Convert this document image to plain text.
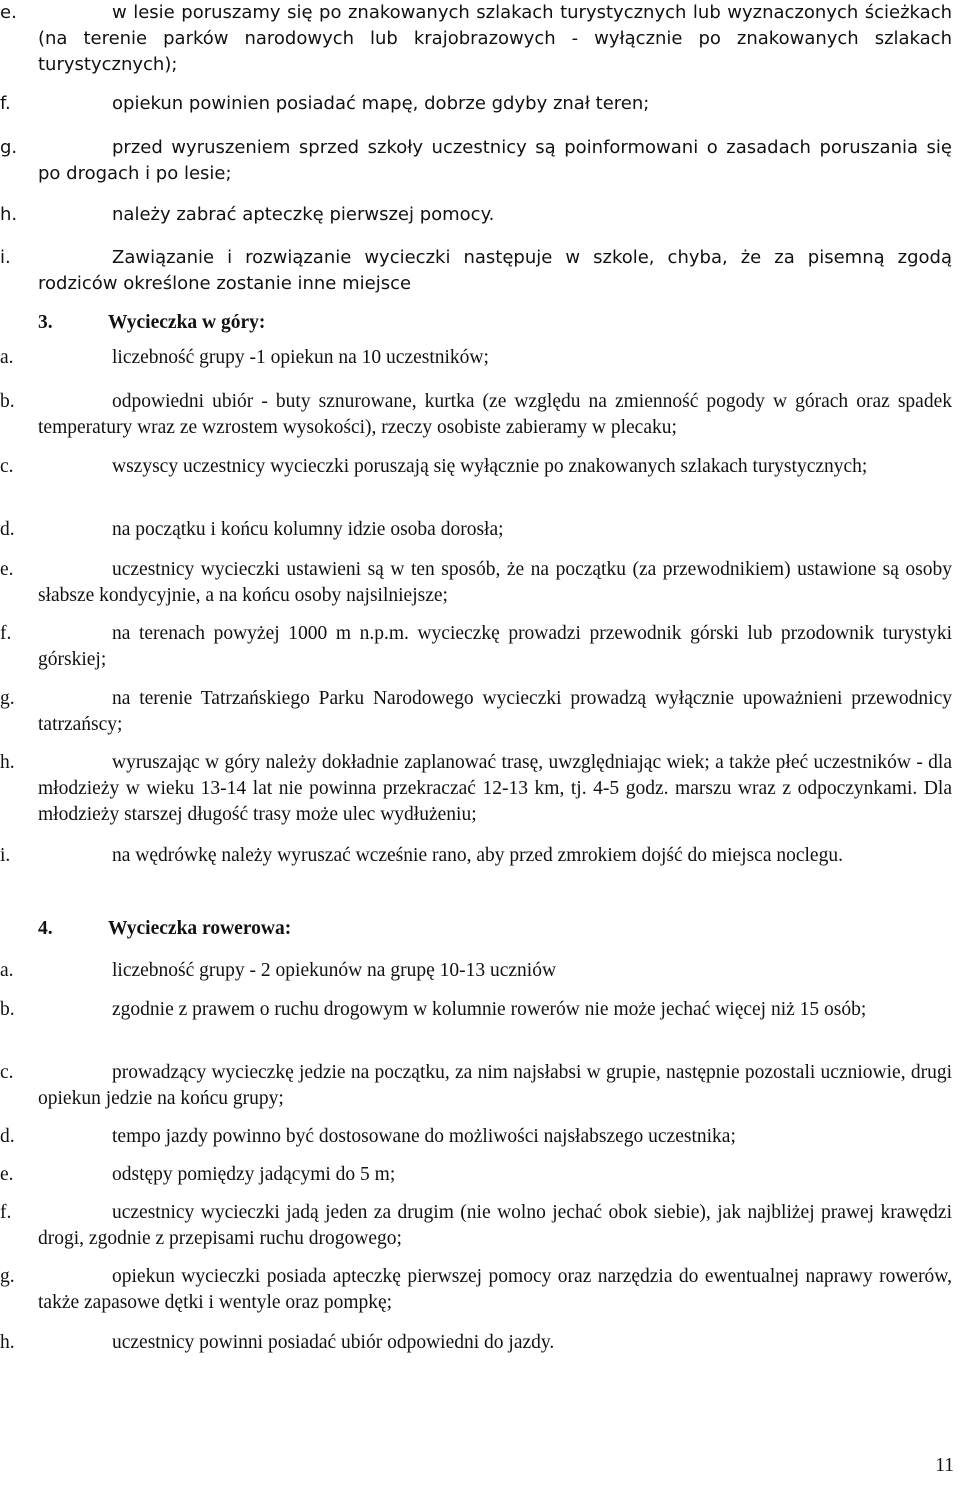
e.	w lesie poruszamy się po znakowanych szlakach turystycznych lub wyznaczonych ścieżkach (na terenie parków narodowych lub krajobrazowych - wyłącznie po znakowanych szlakach turystycznych);
f.	opiekun powinien posiadać mapę, dobrze gdyby znał teren;
g.	przed wyruszeniem sprzed szkoły uczestnicy są poinformowani o zasadach poruszania się po drogach i po lesie;
h.	należy zabrać apteczkę pierwszej pomocy.
i.	Zawiązanie i rozwiązanie wycieczki następuje w szkole, chyba, że za pisemną zgodą rodziców określone zostanie inne miejsce
3.	Wycieczka w góry:
a.	liczebność grupy -1 opiekun na 10 uczestników;
b.	odpowiedni ubiór - buty sznurowane, kurtka (ze względu na zmienność pogody w górach oraz spadek temperatury wraz ze wzrostem wysokości), rzeczy osobiste zabieramy w plecaku;
c.	wszyscy uczestnicy wycieczki poruszają się wyłącznie po znakowanych szlakach turystycznych;
d.	na początku i końcu kolumny idzie osoba dorosła;
e.	uczestnicy wycieczki ustawieni są w ten sposób, że na początku (za przewodnikiem) ustawione są osoby słabsze kondycyjnie, a na końcu osoby najsilniejsze;
f.	na terenach powyżej 1000 m n.p.m. wycieczkę prowadzi przewodnik górski lub przodownik turystyki górskiej;
g.	na terenie Tatrzańskiego Parku Narodowego wycieczki prowadzą wyłącznie upoważnieni przewodnicy tatrzańscy;
h.	wyruszając w góry należy dokładnie zaplanować trasę, uwzględniając wiek; a także płeć uczestników - dla młodzieży w wieku 13-14 lat nie powinna przekraczać 12-13 km, tj. 4-5 godz. marszu wraz z odpoczynkami. Dla młodzieży starszej długość trasy może ulec wydłużeniu;
i.	na wędrówkę należy wyruszać wcześnie rano, aby przed zmrokiem dojść do miejsca noclegu.
4.	Wycieczka rowerowa:
a.	liczebność grupy - 2 opiekunów na grupę 10-13 uczniów
b.	zgodnie z prawem o ruchu drogowym w kolumnie rowerów nie może jechać więcej niż 15 osób;
c.	prowadzący wycieczkę jedzie na początku, za nim najsłabsi w grupie, następnie pozostali uczniowie, drugi opiekun jedzie na końcu grupy;
d.	tempo jazdy powinno być dostosowane do możliwości najsłabszego uczestnika;
e.	odstępy pomiędzy jadącymi do 5 m;
f.	uczestnicy wycieczki jadą jeden za drugim (nie wolno jechać obok siebie), jak najbliżej prawej krawędzi drogi, zgodnie z przepisami ruchu drogowego;
g.	opiekun wycieczki posiada apteczkę pierwszej pomocy oraz narzędzia do ewentualnej naprawy rowerów, także zapasowe dętki i wentyle oraz pompkę;
h.	uczestnicy powinni posiadać ubiór odpowiedni do jazdy.
11
